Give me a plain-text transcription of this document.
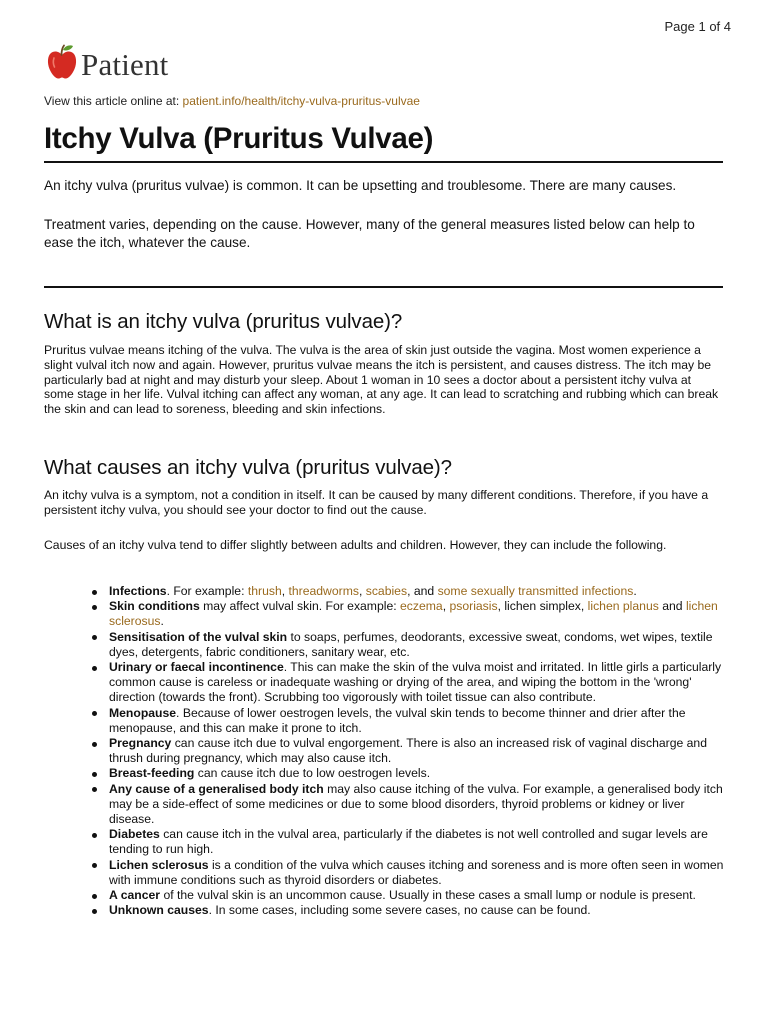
Page 1 of 4
Patient
View this article online at: patient.info/health/itchy-vulva-pruritus-vulvae
Itchy Vulva (Pruritus Vulvae)

An itchy vulva (pruritus vulvae) is common. It can be upsetting and troublesome. There are many causes.

Treatment varies, depending on the cause. However, many of the general measures listed below can help to ease the itch, whatever the cause.

What is an itchy vulva (pruritus vulvae)?

Pruritus vulvae means itching of the vulva. The vulva is the area of skin just outside the vagina. Most women experience a slight vulval itch now and again. However, pruritus vulvae means the itch is persistent, and causes distress. The itch may be particularly bad at night and may disturb your sleep. About 1 woman in 10 sees a doctor about a persistent itchy vulva at some stage in her life. Vulval itching can affect any woman, at any age. It can lead to scratching and rubbing which can break the skin and can lead to soreness, bleeding and skin infections.

What causes an itchy vulva (pruritus vulvae)?

An itchy vulva is a symptom, not a condition in itself. It can be caused by many different conditions. Therefore, if you have a persistent itchy vulva, you should see your doctor to find out the cause.

Causes of an itchy vulva tend to differ slightly between adults and children. However, they can include the following.

Infections. For example: thrush, threadworms, scabies, and some sexually transmitted infections.
Skin conditions may affect vulval skin. For example: eczema, psoriasis, lichen simplex, lichen planus and lichen sclerosus.
Sensitisation of the vulval skin to soaps, perfumes, deodorants, excessive sweat, condoms, wet wipes, textile dyes, detergents, fabric conditioners, sanitary wear, etc.
Urinary or faecal incontinence. This can make the skin of the vulva moist and irritated. In little girls a particularly common cause is careless or inadequate washing or drying of the area, and wiping the bottom in the 'wrong' direction (towards the front). Scrubbing too vigorously with toilet tissue can also contribute.
Menopause. Because of lower oestrogen levels, the vulval skin tends to become thinner and drier after the menopause, and this can make it prone to itch.
Pregnancy can cause itch due to vulval engorgement. There is also an increased risk of vaginal discharge and thrush during pregnancy, which may also cause itch.
Breast-feeding can cause itch due to low oestrogen levels.
Any cause of a generalised body itch may also cause itching of the vulva. For example, a generalised body itch may be a side-effect of some medicines or due to some blood disorders, thyroid problems or kidney or liver disease.
Diabetes can cause itch in the vulval area, particularly if the diabetes is not well controlled and sugar levels are tending to run high.
Lichen sclerosus is a condition of the vulva which causes itching and soreness and is more often seen in women with immune conditions such as thyroid disorders or diabetes.
A cancer of the vulval skin is an uncommon cause. Usually in these cases a small lump or nodule is present.
Unknown causes. In some cases, including some severe cases, no cause can be found.
